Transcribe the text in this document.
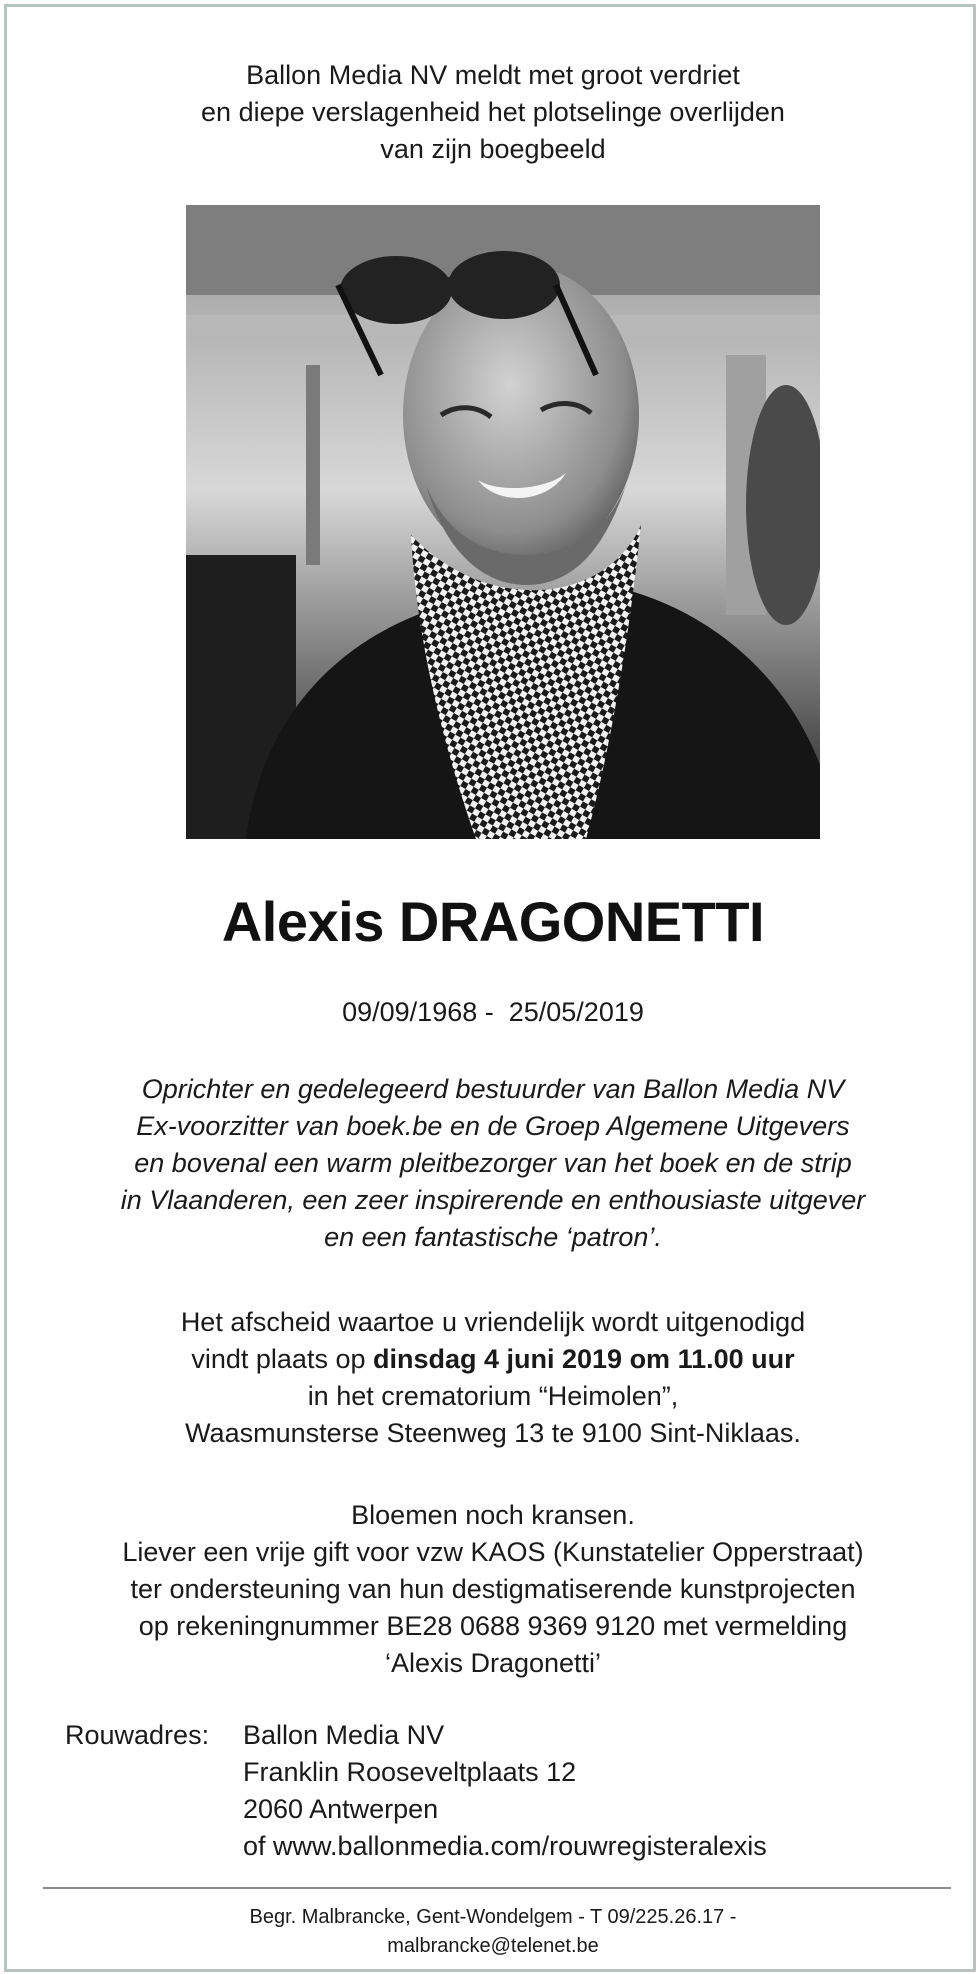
Ballon Media NV meldt met groot verdriet
en diepe verslagenheid het plotselinge overlijden
van zijn boegbeeld
Alexis DRAGONETTI
09/09/1968 -  25/05/2019
Oprichter en gedelegeerd bestuurder van Ballon Media NV
Ex-voorzitter van boek.be en de Groep Algemene Uitgevers
en bovenal een warm pleitbezorger van het boek en de strip
in Vlaanderen, een zeer inspirerende en enthousiaste uitgever
en een fantastische ‘patron’.
Het afscheid waartoe u vriendelijk wordt uitgenodigd
vindt plaats op dinsdag 4 juni 2019 om 11.00 uur
in het crematorium “Heimolen”,
Waasmunsterse Steenweg 13 te 9100 Sint-Niklaas.
Bloemen noch kransen.
Liever een vrije gift voor vzw KAOS (Kunstatelier Opperstraat)
ter ondersteuning van hun destigmatiserende kunstprojecten
op rekeningnummer BE28 0688 9369 9120 met vermelding
‘Alexis Dragonetti’
Rouwadres: Ballon Media NV
Franklin Rooseveltplaats 12
2060 Antwerpen
of www.ballonmedia.com/rouwregisteralexis
Begr. Malbrancke, Gent-Wondelgem - T 09/225.26.17 -
malbrancke@telenet.be
